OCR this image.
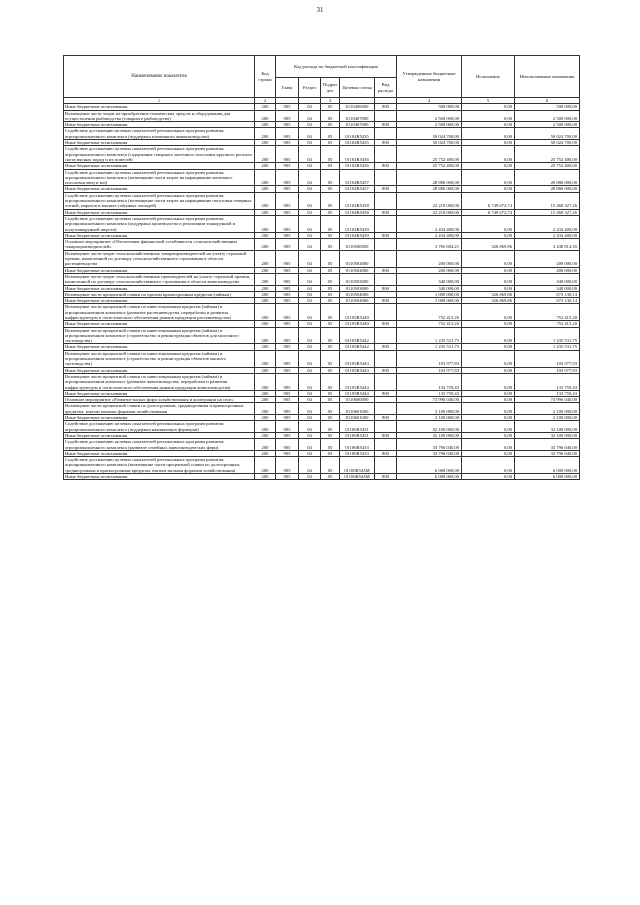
31
Наименование показателя	Код строки	Код расхода по бюджетной классификации					Утвержденные бюджетные назначения	Исполнение	Неисполненные назначения
		Глава	Раздел	Подраз дел	Целевая статья	Вид расхода			
1	2			3			4	5	6
Иные бюджетные ассигнования	200	905	04	05	0110406000	800	500 000,00	0,00	500 000,00
Возмещение части затрат на приобретение технических средств и оборудования для осуществления рыбоводства (товарного рыбоводства)	200	905	04	05	0110407000		2 500 000,00	0,00	2 500 000,00
Иные бюджетные ассигнования	200	905	04	05	0110407000	800	2 500 000,00	0,00	2 500 000,00
Содействие достижению целевых показателей региональных программ развития агропромышленного комплекса (поддержка племенного животноводства)	200	905	04	05	01104R5435		50 024 700,00	0,00	50 024 700,00
Иные бюджетные ассигнования	200	905	04	05	01104R5435	800	50 024 700,00	0,00	50 024 700,00
Содействие достижению целевых показателей региональных программ развития агропромышленного комплекса (содержание товарного маточного поголовья крупного рогатого скота мясных пород и их помесей)	200	905	04	05	01104R5436		25 752 400,00	0,00	25 752 400,00
Иные бюджетные ассигнования	200	905	04	05	01104R5436	800	25 752 400,00	0,00	25 752 400,00
Содействие достижению целевых показателей региональных программ развития агропромышленного комплекса (возмещение части затрат на наращивание маточного поголовья овец и коз)	200	905	04	05	01104R5437		28 886 000,00	0,00	28 886 000,00
Иные бюджетные ассигнования	200	905	04	05	01104R5437	800	28 886 000,00	0,00	28 886 000,00
Содействие достижению целевых показателей региональных программ развития агропромышленного комплекса (возмещение части затрат на наращивание поголовья северных оленей, маралов и мясных табунных лошадей)	200	905	04	05	01104R5438		22 218 000,00	6 749 672,74	15 468 327,26
Иные бюджетные ассигнования	200	905	04	05	01104R5438	800	22 218 000,00	6 749 672,74	15 468 327,26
Содействие достижению целевых показателей региональных программ развития агропромышленного комплекса (поддержка производства и реализации тонкорунной и полутонкорунной шерсти)	200	905	04	05	01104R5439		2 434 400,00	0,00	2 434 400,00
Иные бюджетные ассигнования	200	905	04	05	01104R5439	800	2 434 400,00	0,00	2 434 400,00
Основное мероприятие «Обеспечение финансовой устойчивости сельскохозяйственных товаропроизводителей»	200	905	04	05	0110500000		3 765 684,21	326 869,86	3 438 814,35
Возмещение части затрат сельскохозяйственных товаропроизводителей на уплату страховой премии, начисленной по договору сельскохозяйственного страхования в области растениеводства	200	905	04	05	0110502000		200 000,00	0,00	200 000,00
Иные бюджетные ассигнования	200	905	04	05	0110502000	800	200 000,00	0,00	200 000,00
Возмещение части затрат сельскохозяйственных производителей на уплату страховой премии, начисленной по договору сельскохозяйственного страхования в области животноводства	200	905	04	05	0110503000		340 000,00	0,00	340 000,00
Иные бюджетные ассигнования	200	905	04	05	0110503000	800	340 000,00	0,00	340 000,00
Возмещение части процентной ставки по прочим краткосрочным кредитам (займам)	200	905	04	05	0110504000		1 000 000,00	326 869,86	673 130,14
Иные бюджетные ассигнования	200	905	04	05	0110504000	800	1 000 000,00	326 869,86	673 130,14
Возмещение части процентной ставки по инвестиционным кредитам (займам) в агропромышленном комплексе (развитие растениеводства, переработки и развития инфраструктуры и логистического обеспечения рынков продукции растениеводства)	200	905	04	05	01105R5440		752 415,20	0,00	752 415,20
Иные бюджетные ассигнования	200	905	04	05	01105R5440	800	752 415,20	0,00	752 415,20
Возмещение части процентной ставки по инвестиционным кредитам (займам) в агропромышленном комплексе (строительство и реконструкция объектов для молочного скотоводства)	200	905	04	05	01105R5442		1 235 531,75	0,00	1 235 531,75
Иные бюджетные ассигнования	200	905	04	05	01105R5442	800	1 235 531,75	0,00	1 235 531,75
Возмещение части процентной ставки по инвестиционным кредитам (займам) в агропромышленном комплексе (строительство и реконструкция объектов мясного скотоводства)	200	905	04	05	01105R5443		103 977,83	0,00	103 977,83
Иные бюджетные ассигнования	200	905	04	05	01105R5443	800	103 977,83	0,00	103 977,83
Возмещение части процентной ставки по инвестиционным кредитам (займам) в агропромышленном комплексе (развитие животноводства, переработки и развития инфраструктуры и логистического обеспечения рынков продукции животноводства)	200	905	04	05	01105R5444		133 759,43	0,00	133 759,43
Иные бюджетные ассигнования	200	905	04	05	01105R5444	800	133 759,43	0,00	133 759,43
Основное мероприятие «Развитие малых форм хозяйствования и кооперации на селе»	200	905	04	05	0110600000		73 996 040,00	0,00	73 996 040,00
Возмещение части процентной ставки по долгосрочным, среднесрочным и краткосрочным кредитам, взятым малыми формами хозяйствования	200	905	04	05	0110601000		2 100 000,00	0,00	2 100 000,00
Иные бюджетные ассигнования	200	905	04	05	0110601000	800	2 100 000,00	0,00	2 100 000,00
Содействие достижению целевых показателей региональных программ развития агропромышленного комплекса (поддержка начинающих фермеров)	200	905	04	05	01106R5431		32 100 000,00	0,00	32 100 000,00
Иные бюджетные ассигнования	200	905	04	05	01106R5431	800	32 100 000,00	0,00	32 100 000,00
Содействие достижению целевых показателей региональных программ развития агропромышленного комплекса (развитие семейных животноводческих ферм)	200	905	04	05	01106R5433		33 796 040,00	0,00	33 796 040,00
Иные бюджетные ассигнования	200	905	04	05	01106R5433	800	33 796 040,00	0,00	33 796 040,00
Содействие достижению целевых показателей региональных программ развития агропромышленного комплекса (возмещение части процентной ставки по долгосрочным, среднесрочным и краткосрочным кредитам, взятым малыми формами хозяйствования)	200	905	04	05	01106R543M		6 000 000,00	0,00	6 000 000,00
Иные бюджетные ассигнования	200	905	04	05	01106R543M	800	6 000 000,00	0,00	6 000 000,00
